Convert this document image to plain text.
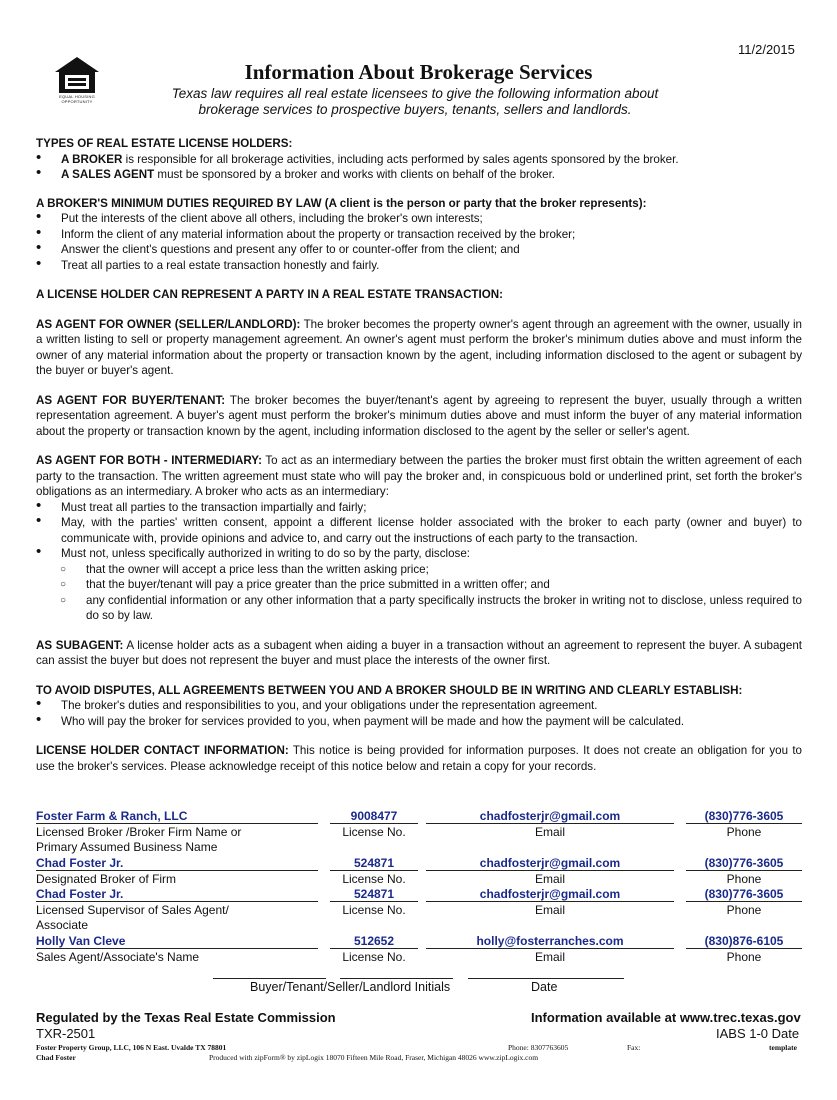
11/2/2015
EQUAL HOUSING OPPORTUNITY
Information About Brokerage Services
Texas law requires all real estate licensees to give the following information about
brokerage services to prospective buyers, tenants, sellers and landlords.
TYPES OF REAL ESTATE LICENSE HOLDERS:
• A BROKER is responsible for all brokerage activities, including acts performed by sales agents sponsored by the broker.
• A SALES AGENT must be sponsored by a broker and works with clients on behalf of the broker.
A BROKER'S MINIMUM DUTIES REQUIRED BY LAW (A client is the person or party that the broker represents):
• Put the interests of the client above all others, including the broker's own interests;
• Inform the client of any material information about the property or transaction received by the broker;
• Answer the client's questions and present any offer to or counter-offer from the client; and
• Treat all parties to a real estate transaction honestly and fairly.
A LICENSE HOLDER CAN REPRESENT A PARTY IN A REAL ESTATE TRANSACTION:

AS AGENT FOR OWNER (SELLER/LANDLORD): The broker becomes the property owner's agent through an agreement with the owner, usually in a written listing to sell or property management agreement. An owner's agent must perform the broker's minimum duties above and must inform the owner of any material information about the property or transaction known by the agent, including information disclosed to the agent or subagent by the buyer or buyer's agent.

AS AGENT FOR BUYER/TENANT: The broker becomes the buyer/tenant's agent by agreeing to represent the buyer, usually through a written representation agreement. A buyer's agent must perform the broker's minimum duties above and must inform the buyer of any material information about the property or transaction known by the agent, including information disclosed to the agent by the seller or seller's agent.

AS AGENT FOR BOTH - INTERMEDIARY: To act as an intermediary between the parties the broker must first obtain the written agreement of each party to the transaction. The written agreement must state who will pay the broker and, in conspicuous bold or underlined print, set forth the broker's obligations as an intermediary. A broker who acts as an intermediary:

• Must treat all parties to the transaction impartially and fairly;
• May, with the parties' written consent, appoint a different license holder associated with the broker to each party (owner and buyer) to communicate with, provide opinions and advice to, and carry out the instructions of each party to the transaction.
• Must not, unless specifically authorized in writing to do so by the party, disclose:
○ that the owner will accept a price less than the written asking price;
○ that the buyer/tenant will pay a price greater than the price submitted in a written offer; and
○ any confidential information or any other information that a party specifically instructs the broker in writing not to disclose, unless required to do so by law.

AS SUBAGENT: A license holder acts as a subagent when aiding a buyer in a transaction without an agreement to represent the buyer. A subagent can assist the buyer but does not represent the buyer and must place the interests of the owner first.

TO AVOID DISPUTES, ALL AGREEMENTS BETWEEN YOU AND A BROKER SHOULD BE IN WRITING AND CLEARLY ESTABLISH:
• The broker's duties and responsibilities to you, and your obligations under the representation agreement.
• Who will pay the broker for services provided to you, when payment will be made and how the payment will be calculated.

LICENSE HOLDER CONTACT INFORMATION: This notice is being provided for information purposes. It does not create an obligation for you to use the broker's services. Please acknowledge receipt of this notice below and retain a copy for your records.

Foster Farm & Ranch, LLC	9008477	chadfosterjr@gmail.com	(830)776-3605
Licensed Broker /Broker Firm Name or
Primary Assumed Business Name
License No.	Email	Phone
Chad Foster Jr.	524871	chadfosterjr@gmail.com	(830)776-3605
Designated Broker of Firm	License No.	Email	Phone
Chad Foster Jr.	524871	chadfosterjr@gmail.com	(830)776-3605
Licensed Supervisor of Sales Agent/
Associate
License No.	Email	Phone
Holly Van Cleve	512652	holly@fosterranches.com	(830)876-6105
Sales Agent/Associate's Name	License No.	Email	Phone
Buyer/Tenant/Seller/Landlord Initials	Date
Regulated by the Texas Real Estate Commission	Information available at www.trec.texas.gov
TXR-2501	IABS 1-0 Date
Foster Property Group, LLC, 106 N East. Uvalde TX 78801	Phone: 8307763605	Fax:	template
Chad Foster	Produced with zipForm® by zipLogix 18070 Fifteen Mile Road, Fraser, Michigan 48026 www.zipLogix.com
